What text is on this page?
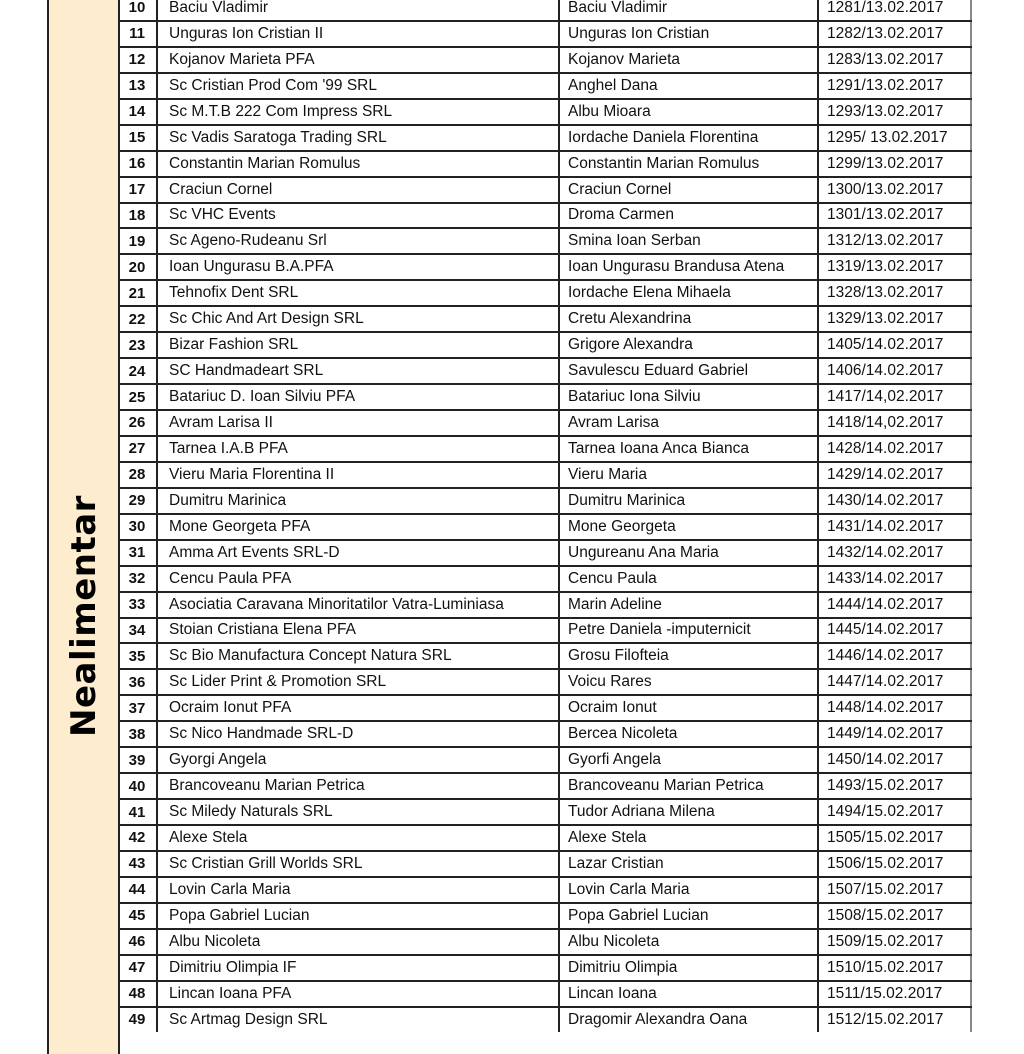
Nealimentar
10	Baciu Vladimir	Baciu Vladimir	1281/13.02.2017
11	Unguras Ion Cristian II	Unguras Ion Cristian	1282/13.02.2017
12	Kojanov Marieta PFA	Kojanov Marieta	1283/13.02.2017
13	Sc Cristian Prod Com '99 SRL	Anghel Dana	1291/13.02.2017
14	Sc M.T.B 222 Com Impress SRL	Albu Mioara	1293/13.02.2017
15	Sc Vadis Saratoga Trading SRL	Iordache Daniela Florentina	1295/ 13.02.2017
16	Constantin Marian Romulus	Constantin Marian Romulus	1299/13.02.2017
17	Craciun Cornel	Craciun Cornel	1300/13.02.2017
18	Sc VHC Events	Droma Carmen	1301/13.02.2017
19	Sc Ageno-Rudeanu Srl	Smina Ioan Serban	1312/13.02.2017
20	Ioan Ungurasu B.A.PFA	Ioan Ungurasu Brandusa Atena	1319/13.02.2017
21	Tehnofix Dent SRL	Iordache Elena Mihaela	1328/13.02.2017
22	Sc Chic And Art Design SRL	Cretu Alexandrina	1329/13.02.2017
23	Bizar Fashion SRL	Grigore Alexandra	1405/14.02.2017
24	SC Handmadeart SRL	Savulescu Eduard Gabriel	1406/14.02.2017
25	Batariuc D. Ioan Silviu PFA	Batariuc Iona Silviu	1417/14,02.2017
26	Avram Larisa II	Avram Larisa	1418/14,02.2017
27	Tarnea I.A.B PFA	Tarnea Ioana Anca Bianca	1428/14.02.2017
28	Vieru Maria Florentina II	Vieru Maria	1429/14.02.2017
29	Dumitru Marinica	Dumitru Marinica	1430/14.02.2017
30	Mone Georgeta PFA	Mone Georgeta	1431/14.02.2017
31	Amma Art Events SRL-D	Ungureanu Ana Maria	1432/14.02.2017
32	Cencu Paula PFA	Cencu Paula	1433/14.02.2017
33	Asociatia Caravana Minoritatilor Vatra-Luminiasa	Marin Adeline	1444/14.02.2017
34	Stoian Cristiana Elena PFA	Petre Daniela -imputernicit	1445/14.02.2017
35	Sc Bio Manufactura Concept Natura SRL	Grosu Filofteia	1446/14.02.2017
36	Sc Lider Print & Promotion SRL	Voicu Rares	1447/14.02.2017
37	Ocraim Ionut PFA	Ocraim Ionut	1448/14.02.2017
38	Sc Nico Handmade SRL-D	Bercea Nicoleta	1449/14.02.2017
39	Gyorgi Angela	Gyorfi Angela	1450/14.02.2017
40	Brancoveanu Marian Petrica	Brancoveanu Marian Petrica	1493/15.02.2017
41	Sc Miledy Naturals SRL	Tudor Adriana Milena	1494/15.02.2017
42	Alexe Stela	Alexe Stela	1505/15.02.2017
43	Sc Cristian Grill Worlds SRL	Lazar Cristian	1506/15.02.2017
44	Lovin Carla Maria	Lovin Carla Maria	1507/15.02.2017
45	Popa Gabriel Lucian	Popa Gabriel Lucian	1508/15.02.2017
46	Albu Nicoleta	Albu Nicoleta	1509/15.02.2017
47	Dimitriu Olimpia IF	Dimitriu Olimpia	1510/15.02.2017
48	Lincan Ioana PFA	Lincan Ioana	1511/15.02.2017
49	Sc Artmag Design SRL	Dragomir Alexandra Oana	1512/15.02.2017
